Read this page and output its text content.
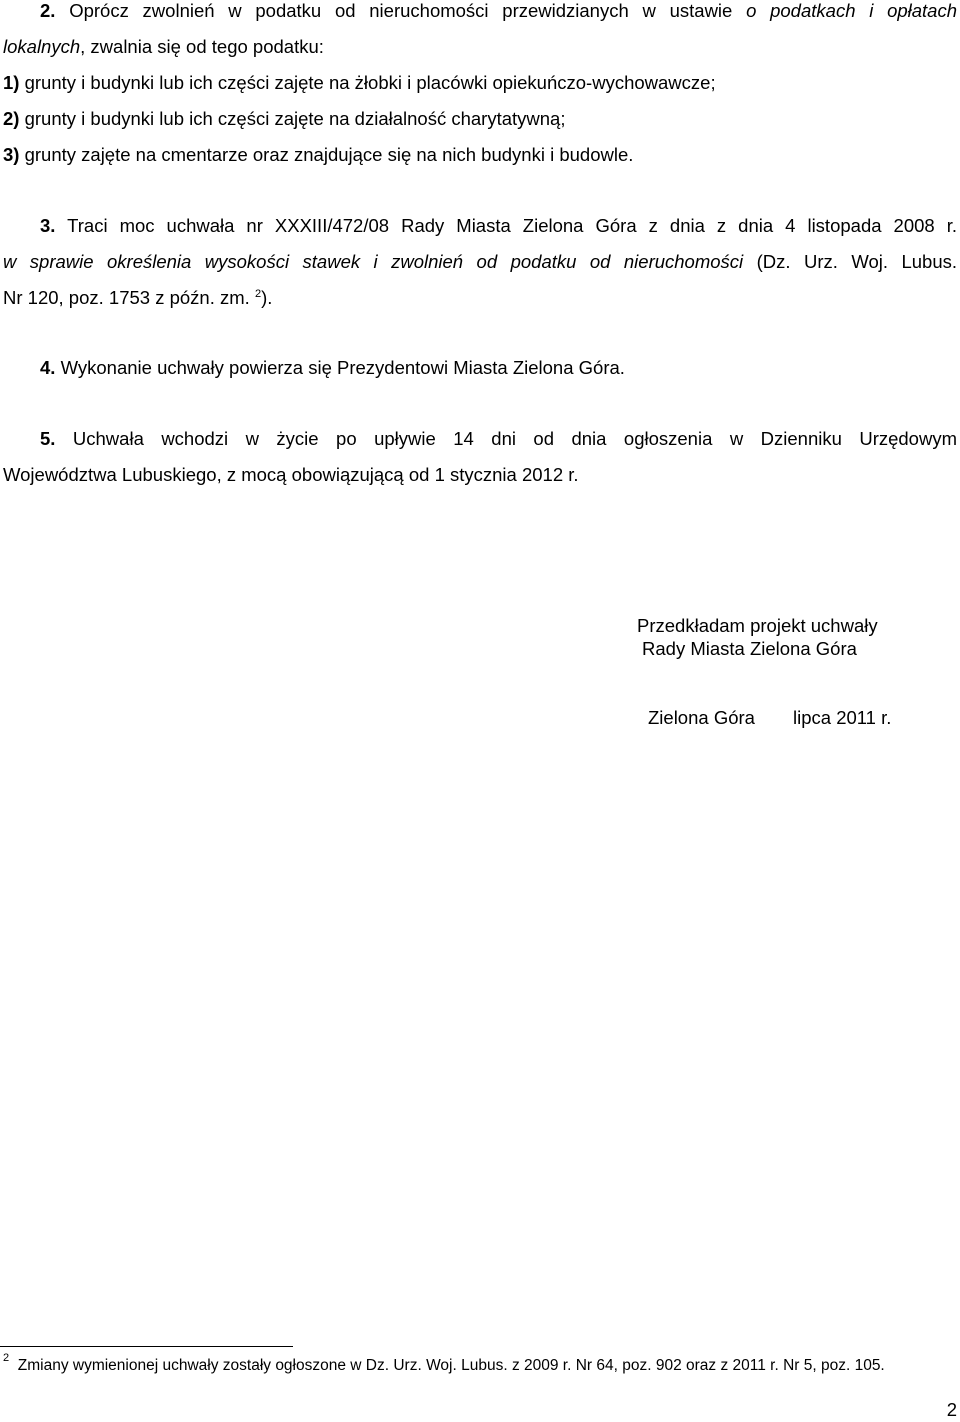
2. Oprócz zwolnień w podatku od nieruchomości przewidzianych w ustawie o podatkach i opłatach
lokalnych, zwalnia się od tego podatku:
1) grunty i budynki lub ich części zajęte na żłobki i placówki opiekuńczo-wychowawcze;
2) grunty i budynki lub ich części zajęte na działalność charytatywną;
3) grunty zajęte na cmentarze oraz znajdujące się na nich budynki i budowle.
3. Traci moc uchwała nr XXXIII/472/08 Rady Miasta Zielona Góra z dnia z dnia 4 listopada 2008 r.
w sprawie określenia wysokości stawek i zwolnień od podatku od nieruchomości (Dz. Urz. Woj. Lubus.
Nr 120, poz. 1753 z późn. zm. $^2$).
4. Wykonanie uchwały powierza się Prezydentowi Miasta Zielona Góra.
5. Uchwała wchodzi w życie po upływie 14 dni od dnia ogłoszenia w Dzienniku Urzędowym
Województwa Lubuskiego, z mocą obowiązującą od 1 stycznia 2012 r.
Przedkładam projekt uchwały
Rady Miasta Zielona Góra
Zielona Góra lipca 2011 r.
$^2$ Zmiany wymienionej uchwały zostały ogłoszone w Dz. Urz. Woj. Lubus. z 2009 r. Nr 64, poz. 902 oraz z 2011 r. Nr 5, poz. 105.
2
